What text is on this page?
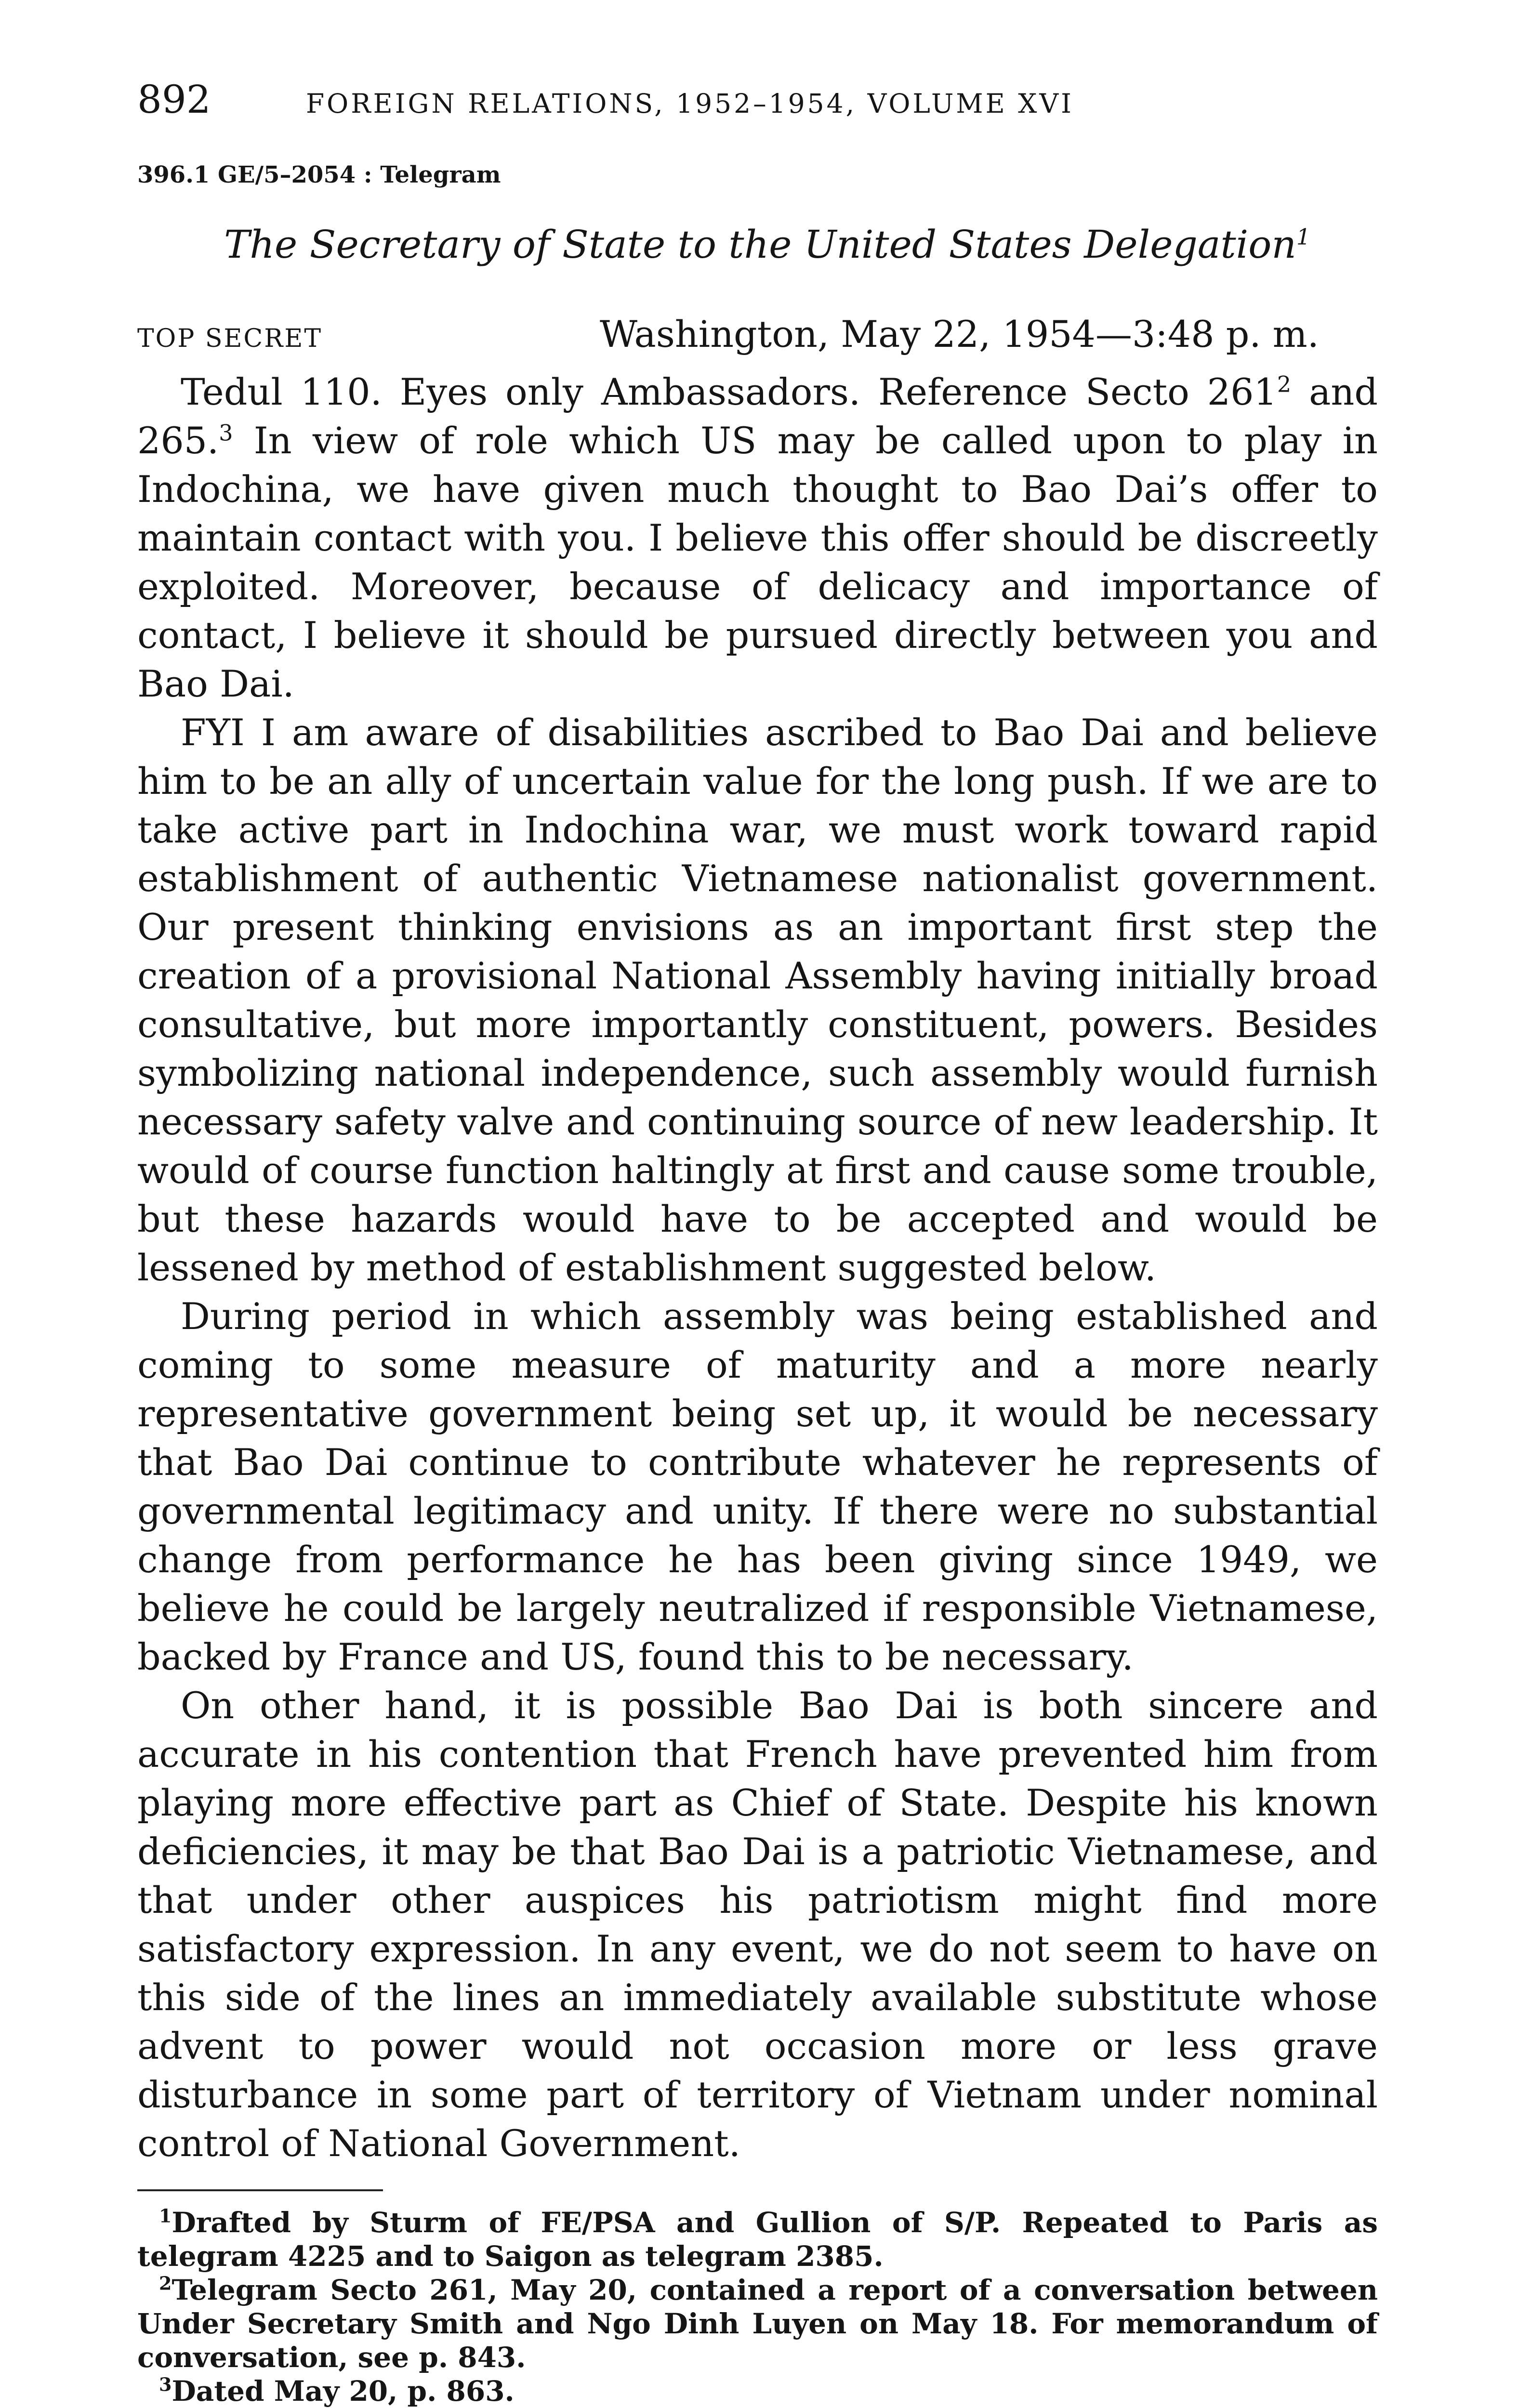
892	FOREIGN RELATIONS, 1952–1954, VOLUME XVI
396.1 GE/5–2054 : Telegram
The Secretary of State to the United States Delegation$^1$
TOP SECRET	Washington, May 22, 1954—3:48 p. m.

Tedul 110. Eyes only Ambassadors. Reference Secto $261^2$ and 265.$^3$ In view of role which US may be called upon to play in Indochina, we have given much thought to Bao Dai’s offer to maintain contact with you. I believe this offer should be discreetly exploited. Moreover, because of delicacy and importance of contact, I believe it should be pursued directly between you and Bao Dai.

FYI I am aware of disabilities ascribed to Bao Dai and believe him to be an ally of uncertain value for the long push. If we are to take active part in Indochina war, we must work toward rapid establishment of authentic Vietnamese nationalist government. Our present thinking envisions as an important first step the creation of a provisional National Assembly having initially broad consultative, but more importantly constituent, powers. Besides symbolizing national independence, such assembly would furnish necessary safety valve and continuing source of new leadership. It would of course function haltingly at first and cause some trouble, but these hazards would have to be accepted and would be lessened by method of establishment suggested below.

During period in which assembly was being established and coming to some measure of maturity and a more nearly representative government being set up, it would be necessary that Bao Dai continue to contribute whatever he represents of governmental legitimacy and unity. If there were no substantial change from performance he has been giving since 1949, we believe he could be largely neutralized if responsible Vietnamese, backed by France and US, found this to be necessary.

On other hand, it is possible Bao Dai is both sincere and accurate in his contention that French have prevented him from playing more effective part as Chief of State. Despite his known deficiencies, it may be that Bao Dai is a patriotic Vietnamese, and that under other auspices his patriotism might find more satisfactory expression. In any event, we do not seem to have on this side of the lines an immediately available substitute whose advent to power would not occasion more or less grave disturbance in some part of territory of Vietnam under nominal control of National Government.

$^1$Drafted by Sturm of FE/PSA and Gullion of S/P. Repeated to Paris as telegram 4225 and to Saigon as telegram 2385.

$^2$Telegram Secto 261, May 20, contained a report of a conversation between Under Secretary Smith and Ngo Dinh Luyen on May 18. For memorandum of conversation, see p. 843.

$^3$Dated May 20, p. 863.
